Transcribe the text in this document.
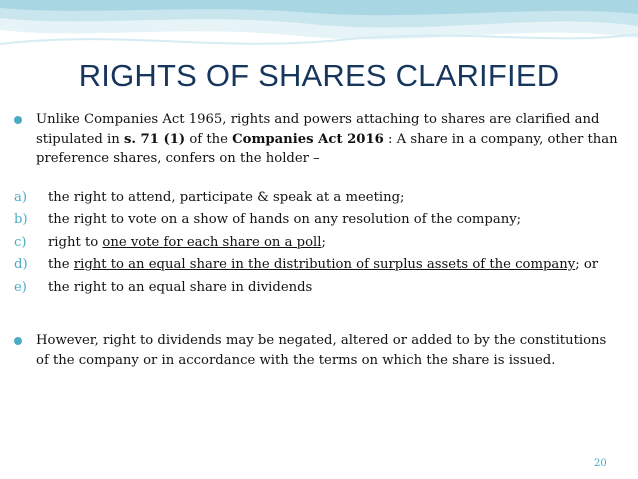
RIGHTS OF SHARES CLARIFIED
Unlike Companies Act 1965, rights and powers attaching to shares are clarified and stipulated in s. 71 (1) of the Companies Act 2016 : A share in a company, other than preference shares, confers on the holder –
a) the right to attend, participate & speak at a meeting;
b) the right to vote on a show of hands on any resolution of the company;
c) right to one vote for each share on a poll;
d) the right to an equal share in the distribution of surplus assets of the company; or
e) the right to an equal share in dividends
However, right to dividends may be negated, altered or added to by the constitutions of the company or in accordance with the terms on which the share is issued.
20
